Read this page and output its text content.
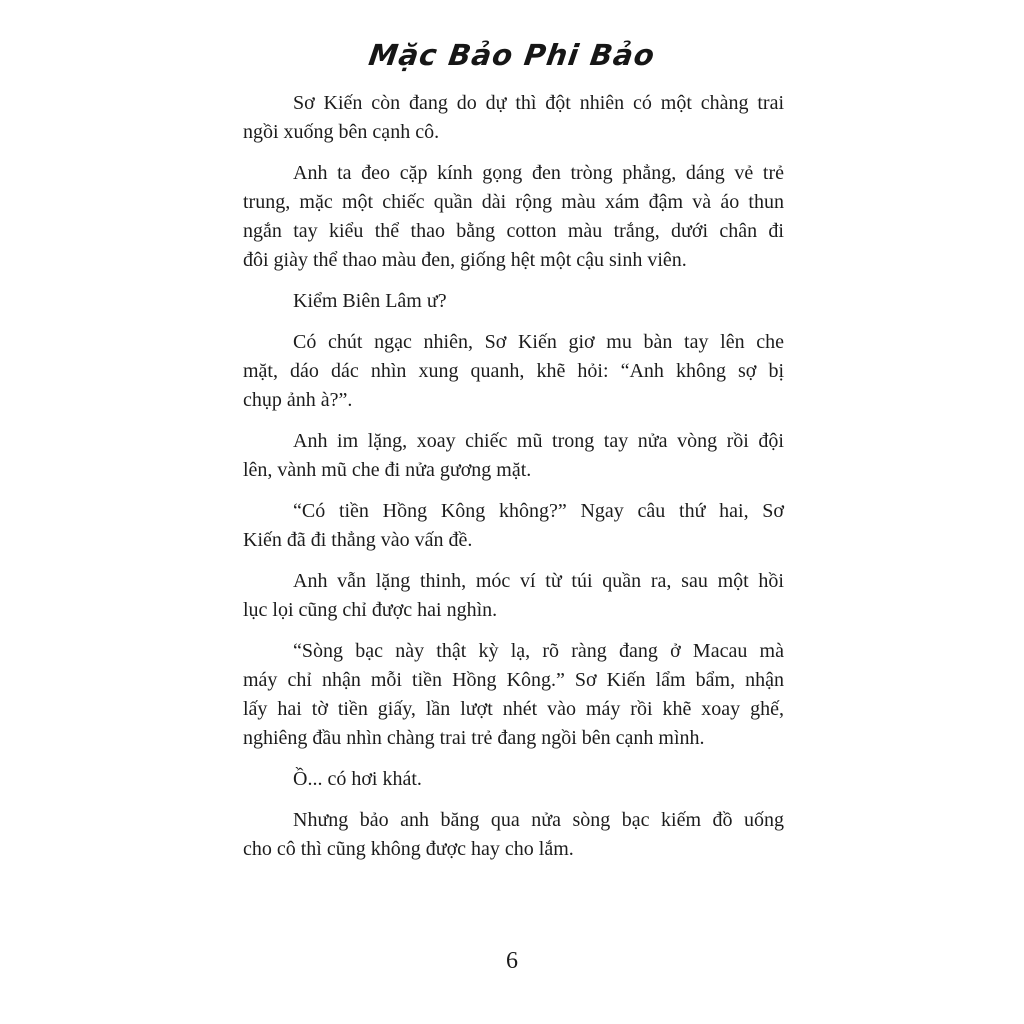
Mặc Bảo Phi Bảo

Sơ Kiến còn đang do dự thì đột nhiên có một chàng trai
ngồi xuống bên cạnh cô.

Anh ta đeo cặp kính gọng đen tròng phẳng, dáng vẻ trẻ
trung, mặc một chiếc quần dài rộng màu xám đậm và áo thun
ngắn tay kiểu thể thao bằng cotton màu trắng, dưới chân đi
đôi giày thể thao màu đen, giống hệt một cậu sinh viên.

Kiểm Biên Lâm ư?

Có chút ngạc nhiên, Sơ Kiến giơ mu bàn tay lên che
mặt, dáo dác nhìn xung quanh, khẽ hỏi: “Anh không sợ bị
chụp ảnh à?”.

Anh im lặng, xoay chiếc mũ trong tay nửa vòng rồi đội
lên, vành mũ che đi nửa gương mặt.

“Có tiền Hồng Kông không?” Ngay câu thứ hai, Sơ
Kiến đã đi thẳng vào vấn đề.

Anh vẫn lặng thinh, móc ví từ túi quần ra, sau một hồi
lục lọi cũng chỉ được hai nghìn.

“Sòng bạc này thật kỳ lạ, rõ ràng đang ở Macau mà
máy chỉ nhận mỗi tiền Hồng Kông.” Sơ Kiến lẩm bẩm, nhận
lấy hai tờ tiền giấy, lần lượt nhét vào máy rồi khẽ xoay ghế,
nghiêng đầu nhìn chàng trai trẻ đang ngồi bên cạnh mình.

Ồ... có hơi khát.

Nhưng bảo anh băng qua nửa sòng bạc kiếm đồ uống
cho cô thì cũng không được hay cho lắm.

6
